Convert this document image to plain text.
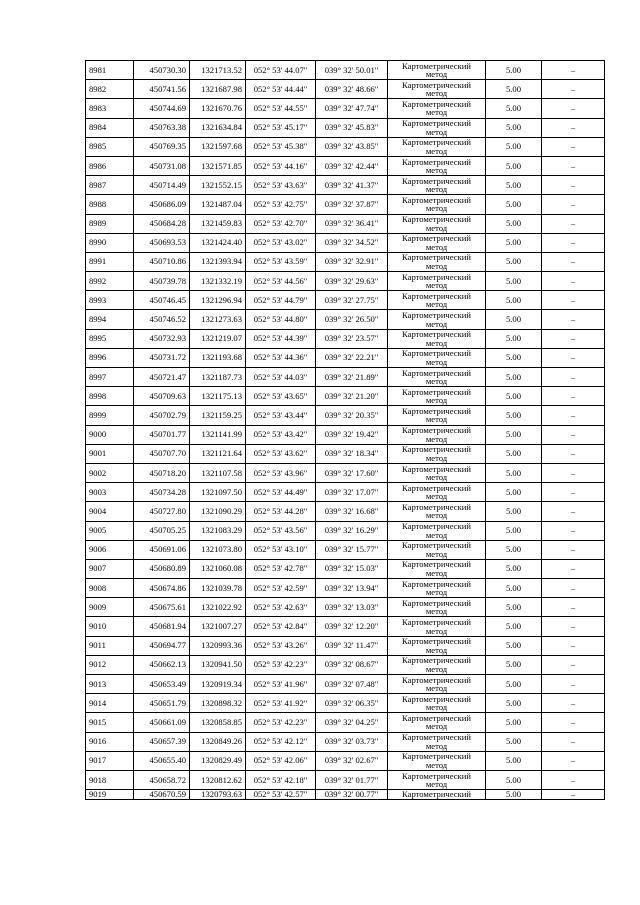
8981	450730.30	1321713.52	052° 53' 44.07"	039° 32' 50.01"	Картометрический метод	5.00	–
8982	450741.56	1321687.98	052° 53' 44.44"	039° 32' 48.66"	Картометрический метод	5.00	–
8983	450744.69	1321670.76	052° 53' 44.55"	039° 32' 47.74"	Картометрический метод	5.00	–
8984	450763.38	1321634.84	052° 53' 45.17"	039° 32' 45.83"	Картометрический метод	5.00	–
8985	450769.35	1321597.68	052° 53' 45.38"	039° 32' 43.85"	Картометрический метод	5.00	–
8986	450731.08	1321571.85	052° 53' 44.16"	039° 32' 42.44"	Картометрический метод	5.00	–
8987	450714.49	1321552.15	052° 53' 43.63"	039° 32' 41.37"	Картометрический метод	5.00	–
8988	450686.09	1321487.04	052° 53' 42.75"	039° 32' 37.87"	Картометрический метод	5.00	–
8989	450684.28	1321459.83	052° 53' 42.70"	039° 32' 36.41"	Картометрический метод	5.00	–
8990	450693.53	1321424.40	052° 53' 43.02"	039° 32' 34.52"	Картометрический метод	5.00	–
8991	450710.86	1321393.94	052° 53' 43.59"	039° 32' 32.91"	Картометрический метод	5.00	–
8992	450739.78	1321332.19	052° 53' 44.56"	039° 32' 29.63"	Картометрический метод	5.00	–
8993	450746.45	1321296.94	052° 53' 44.79"	039° 32' 27.75"	Картометрический метод	5.00	–
8994	450746.52	1321273.63	052° 53' 44.80"	039° 32' 26.50"	Картометрический метод	5.00	–
8995	450732.93	1321219.07	052° 53' 44.39"	039° 32' 23.57"	Картометрический метод	5.00	–
8996	450731.72	1321193.68	052° 53' 44.36"	039° 32' 22.21"	Картометрический метод	5.00	–
8997	450721.47	1321187.73	052° 53' 44.03"	039° 32' 21.89"	Картометрический метод	5.00	–
8998	450709.63	1321175.13	052° 53' 43.65"	039° 32' 21.20"	Картометрический метод	5.00	–
8999	450702.79	1321159.25	052° 53' 43.44"	039° 32' 20.35"	Картометрический метод	5.00	–
9000	450701.77	1321141.99	052° 53' 43.42"	039° 32' 19.42"	Картометрический метод	5.00	–
9001	450707.70	1321121.64	052° 53' 43.62"	039° 32' 18.34"	Картометрический метод	5.00	–
9002	450718.20	1321107.58	052° 53' 43.96"	039° 32' 17.60"	Картометрический метод	5.00	–
9003	450734.28	1321097.50	052° 53' 44.49"	039° 32' 17.07"	Картометрический метод	5.00	–
9004	450727.80	1321090.29	052° 53' 44.28"	039° 32' 16.68"	Картометрический метод	5.00	–
9005	450705.25	1321083.29	052° 53' 43.56"	039° 32' 16.29"	Картометрический метод	5.00	–
9006	450691.06	1321073.80	052° 53' 43.10"	039° 32' 15.77"	Картометрический метод	5.00	–
9007	450680.89	1321060.08	052° 53' 42.78"	039° 32' 15.03"	Картометрический метод	5.00	–
9008	450674.86	1321039.78	052° 53' 42.59"	039° 32' 13.94"	Картометрический метод	5.00	–
9009	450675.61	1321022.92	052° 53' 42.63"	039° 32' 13.03"	Картометрический метод	5.00	–
9010	450681.94	1321007.27	052° 53' 42.84"	039° 32' 12.20"	Картометрический метод	5.00	–
9011	450694.77	1320993.36	052° 53' 43.26"	039° 32' 11.47"	Картометрический метод	5.00	–
9012	450662.13	1320941.50	052° 53' 42.23"	039° 32' 08.67"	Картометрический метод	5.00	–
9013	450653.49	1320919.34	052° 53' 41.96"	039° 32' 07.48"	Картометрический метод	5.00	–
9014	450651.79	1320898.32	052° 53' 41.92"	039° 32' 06.35"	Картометрический метод	5.00	–
9015	450661.09	1320858.85	052° 53' 42.23"	039° 32' 04.25"	Картометрический метод	5.00	–
9016	450657.39	1320849.26	052° 53' 42.12"	039° 32' 03.73"	Картометрический метод	5.00	–
9017	450655.40	1320829.49	052° 53' 42.06"	039° 32' 02.67"	Картометрический метод	5.00	–
9018	450658.72	1320812.62	052° 53' 42.18"	039° 32' 01.77"	Картометрический метод	5.00	–
9019	450670.59	1320793.63	052° 53' 42.57"	039° 32' 00.77"	Картометрический	5.00	–
